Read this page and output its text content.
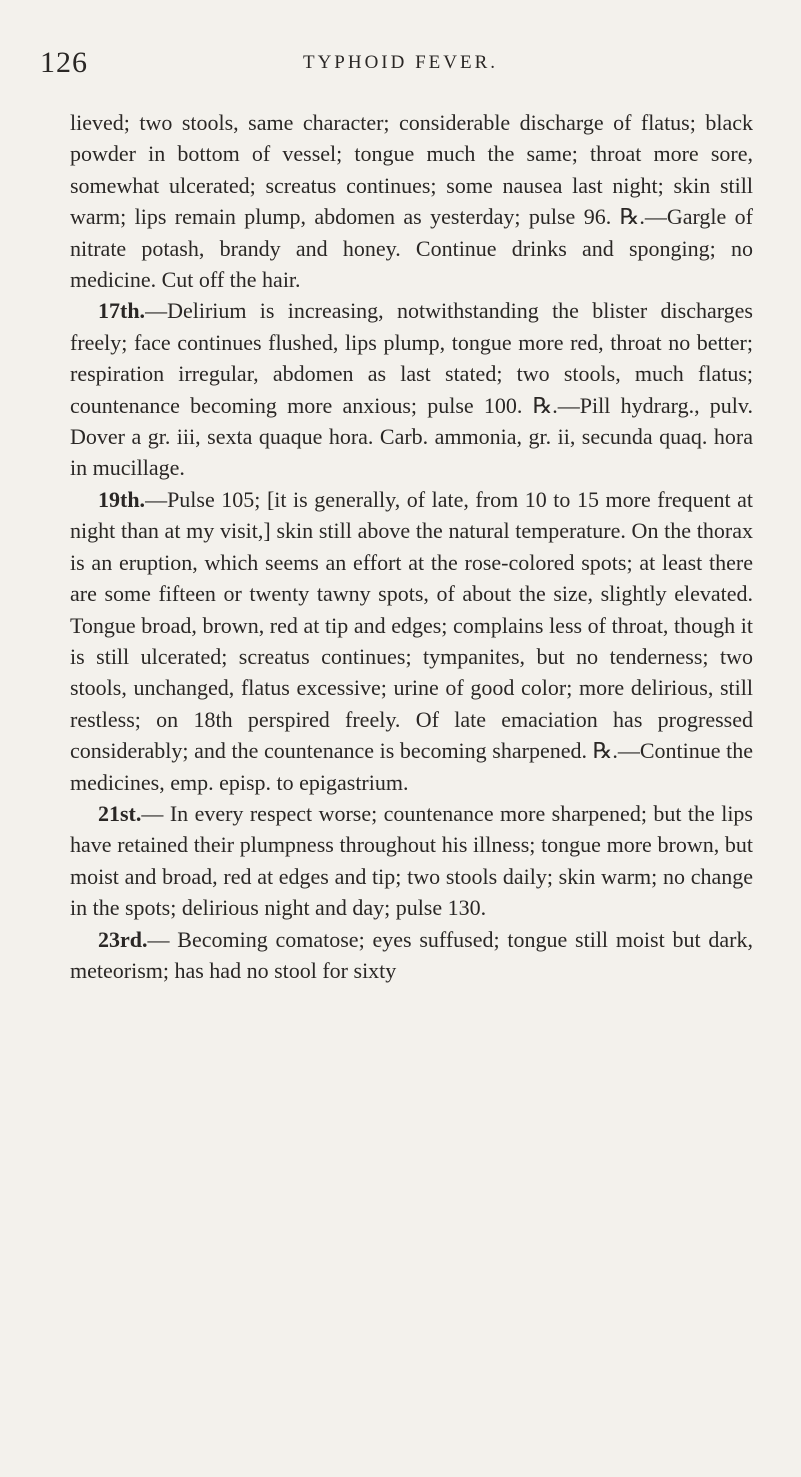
126	TYPHOID FEVER.

lieved; two stools, same character; considerable discharge of flatus; black powder in bottom of vessel; tongue much the same; throat more sore, somewhat ulcerated; screatus continues; some nausea last night; skin still warm; lips remain plump, abdomen as yesterday; pulse 96. ℞.—Gargle of nitrate potash, brandy and honey. Continue drinks and sponging; no medicine. Cut off the hair.

17th.—Delirium is increasing, notwithstanding the blister discharges freely; face continues flushed, lips plump, tongue more red, throat no better; respiration irregular, abdomen as last stated; two stools, much flatus; countenance becoming more anxious; pulse 100. ℞.—Pill hydrarg., pulv. Dover a gr. iii, sexta quaque hora. Carb. ammonia, gr. ii, secunda quaq. hora in mucillage.

19th.—Pulse 105; [it is generally, of late, from 10 to 15 more frequent at night than at my visit,] skin still above the natural temperature. On the thorax is an eruption, which seems an effort at the rose-colored spots; at least there are some fifteen or twenty tawny spots, of about the size, slightly elevated. Tongue broad, brown, red at tip and edges; complains less of throat, though it is still ulcerated; screatus continues; tympanites, but no tenderness; two stools, unchanged, flatus excessive; urine of good color; more delirious, still restless; on 18th perspired freely. Of late emaciation has progressed considerably; and the countenance is becoming sharpened. ℞.—Continue the medicines, emp. episp. to epigastrium.

21st.— In every respect worse; countenance more sharpened; but the lips have retained their plumpness throughout his illness; tongue more brown, but moist and broad, red at edges and tip; two stools daily; skin warm; no change in the spots; delirious night and day; pulse 130.

23rd.— Becoming comatose; eyes suffused; tongue still moist but dark, meteorism; has had no stool for sixty
